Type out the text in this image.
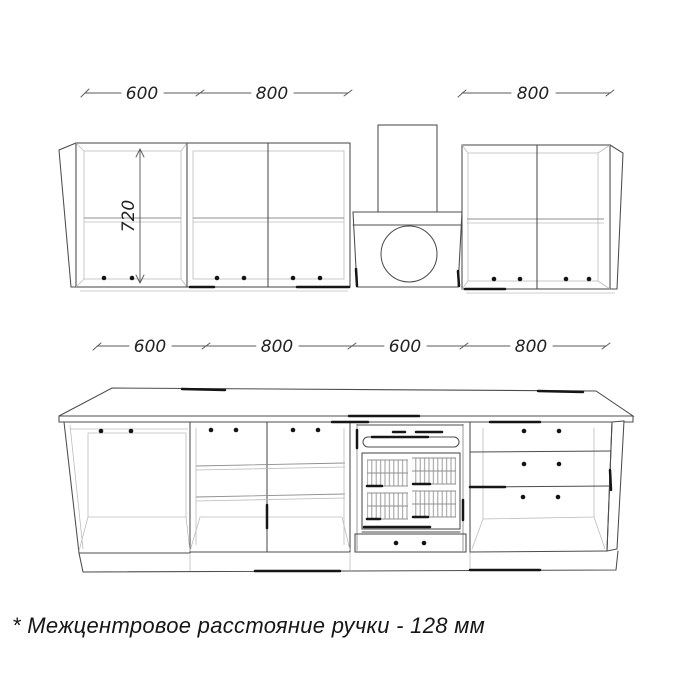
600	800	800
720
600	800	600	800
* Межцентровое расстояние ручки - 128 мм
